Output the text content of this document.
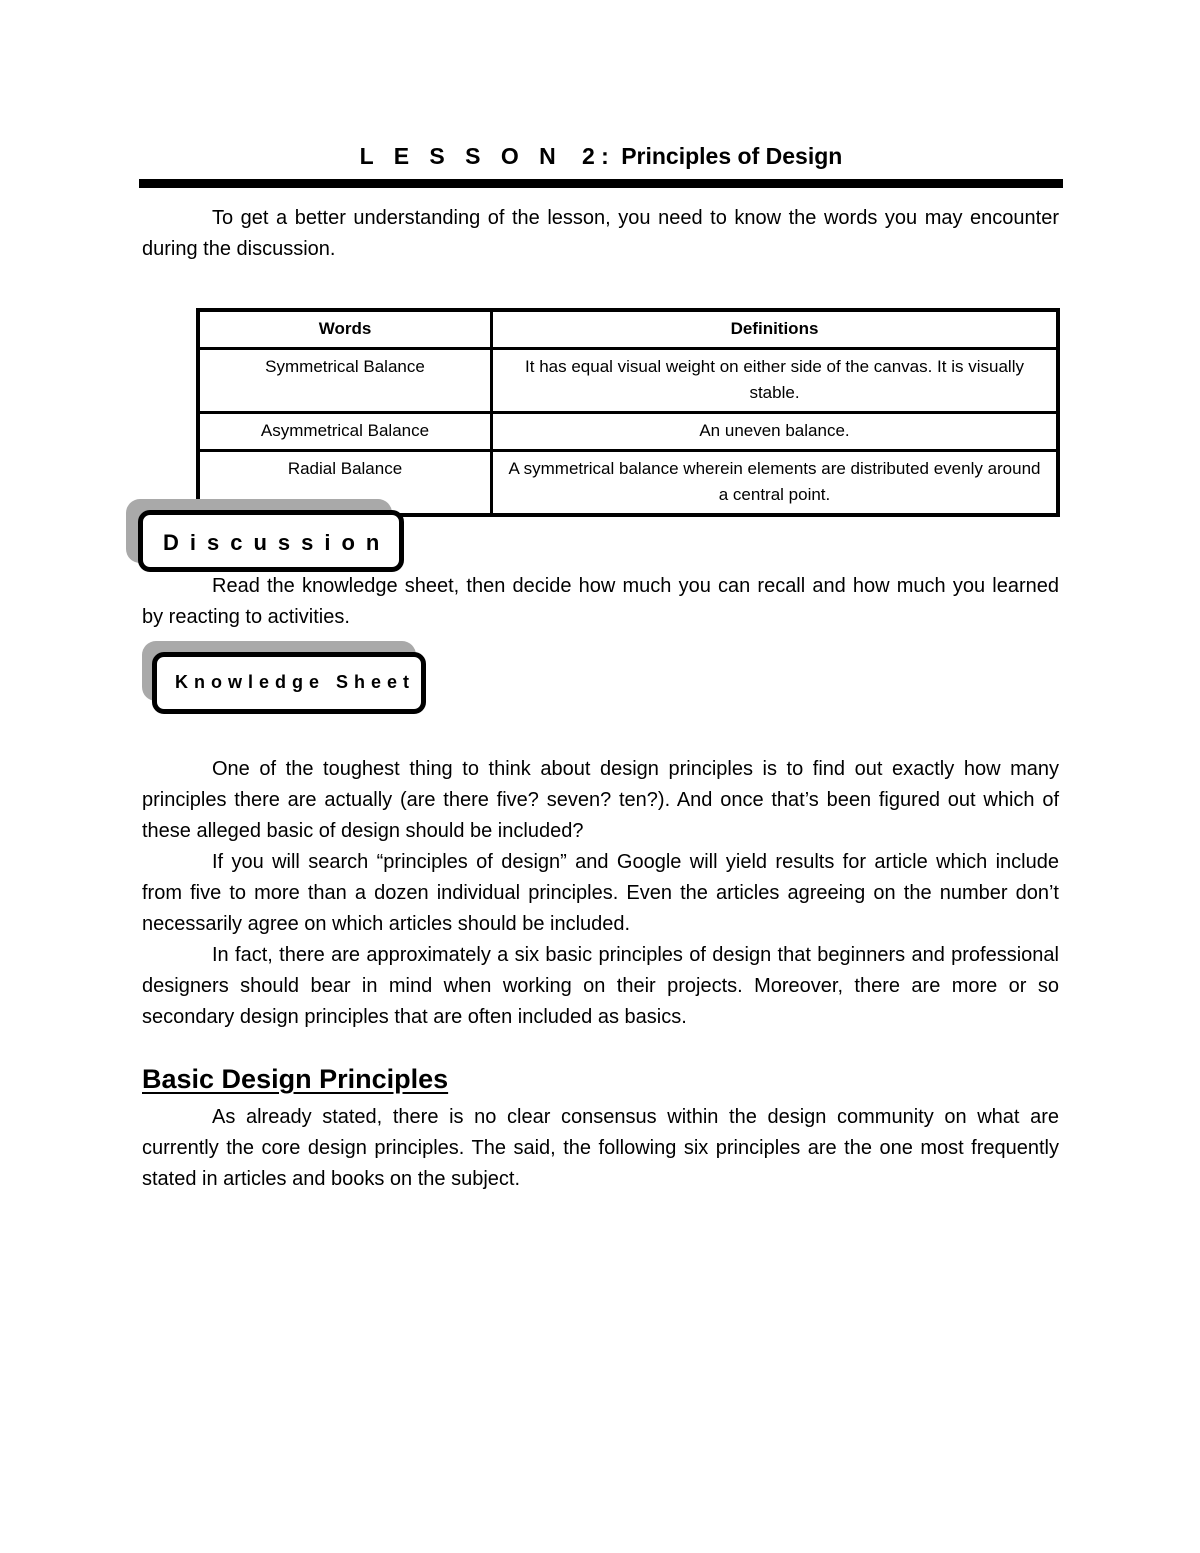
L E S S O N 2 : Principles of Design

To get a better understanding of the lesson, you need to know the words you may encounter during the discussion.

Words	Definitions
Symmetrical Balance	It has equal visual weight on either side of the canvas. It is visually stable.
Asymmetrical Balance	An uneven balance.
Radial Balance	A symmetrical balance wherein elements are distributed evenly around a central point.
Discussion

Read the knowledge sheet, then decide how much you can recall and how much you learned by reacting to activities.

Knowledge Sheet

One of the toughest thing to think about design principles is to find out exactly how many principles there are actually (are there five? seven? ten?). And once that’s been figured out which of these alleged basic of design should be included?

If you will search “principles of design” and Google will yield results for article which include from five to more than a dozen individual principles. Even the articles agreeing on the number don’t necessarily agree on which articles should be included.

In fact, there are approximately a six basic principles of design that beginners and professional designers should bear in mind when working on their projects. Moreover, there are more or so secondary design principles that are often included as basics.

Basic Design Principles

As already stated, there is no clear consensus within the design community on what are currently the core design principles. The said, the following six principles are the one most frequently stated in articles and books on the subject.
